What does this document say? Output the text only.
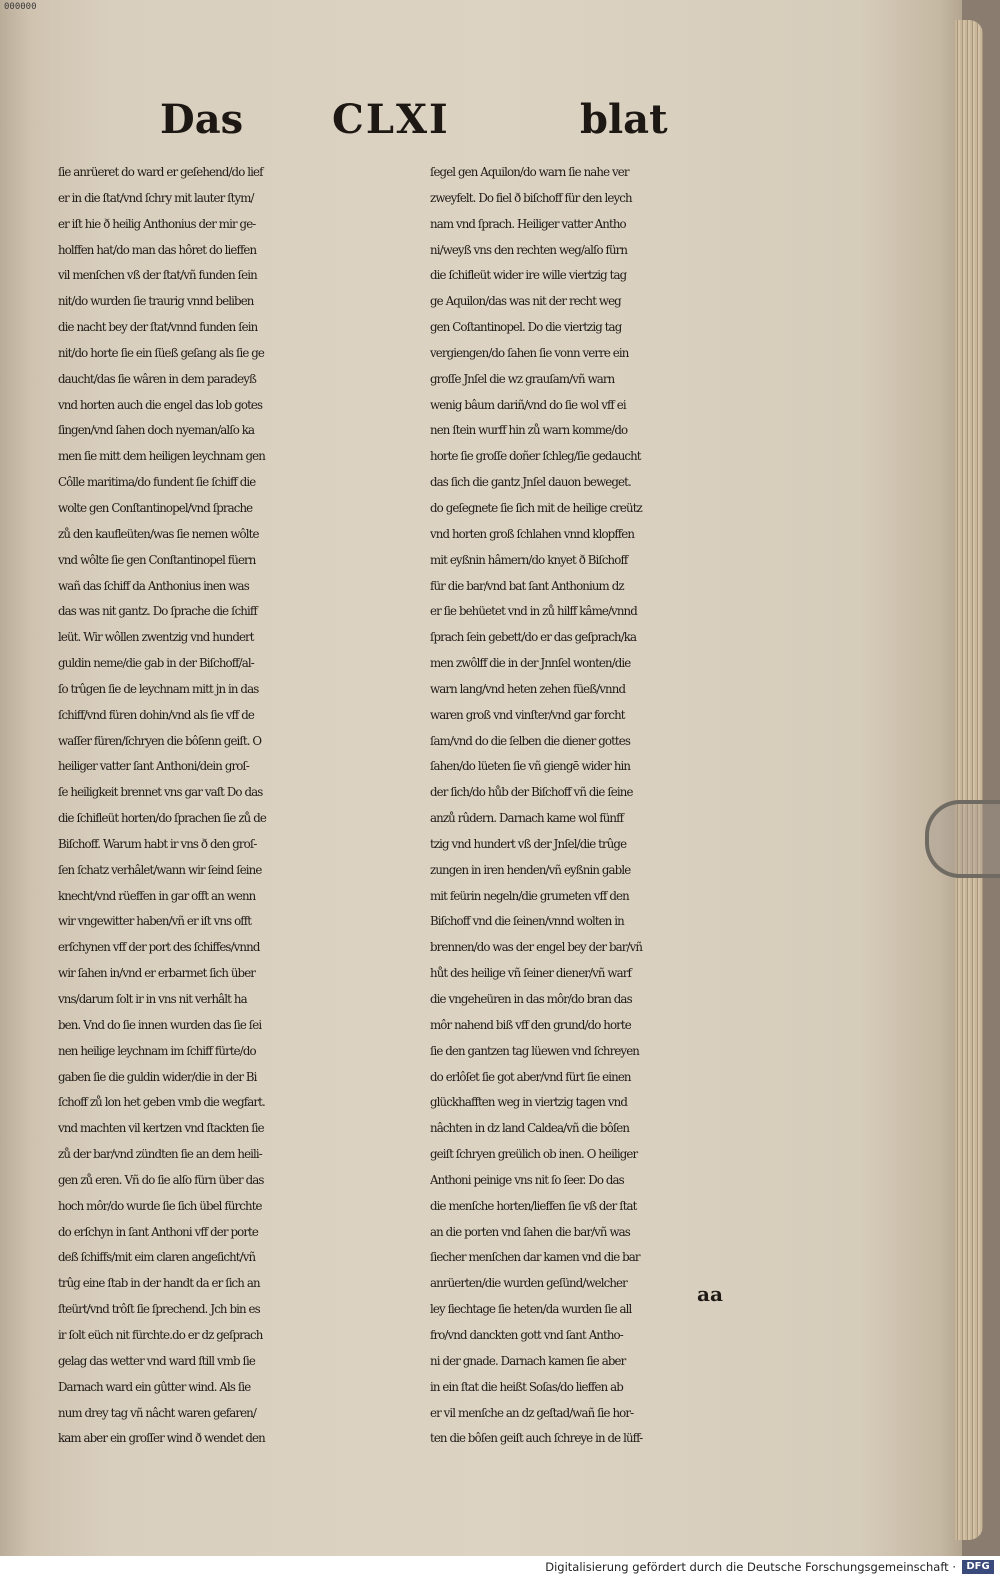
000000
Das CLXI	blat
ſie anrüeret do ward er geſehend/do lief
er in die ſtat/vnd ſchry mit lauter ſtym/
er iſt hie ð heilig Anthonius der mir ge-
holffen hat/do man das hôret do lieffen
vil menſchen vß der ſtat/vñ funden ſein
nit/do wurden ſie traurig vnnd beliben
die nacht bey der ſtat/vnnd funden ſein
nit/do horte ſie ein ſüeß geſang als ſie ge
daucht/das ſie wâren in dem paradeyß
vnd horten auch die engel das lob gotes
ſingen/vnd ſahen doch nyeman/alſo ka
men ſie mitt dem heiligen leychnam gen
Côlle maritima/do fundent ſie ſchiff die
wolte gen Conſtantinopel/vnd ſprache
zů den kaufleüten/was ſie nemen wôlte
vnd wôlte ſie gen Conſtantinopel füern
wañ das ſchiff da Anthonius inen was
das was nit gantz. Do ſprache die ſchiff
leüt. Wir wôllen zwentzig vnd hundert
guldin neme/die gab in der Biſchoff/al-
ſo trûgen ſie de leychnam mitt jn in das
ſchiff/vnd füren dohin/vnd als ſie vff de
waſſer füren/ſchryen die bôſenn geiſt. O
heiliger vatter ſant Anthoni/dein groſ-
ſe heiligkeit brennet vns gar vaſt Do das
die ſchifleüt horten/do ſprachen ſie zů de
Biſchoff. Warum habt ir vns ð den groſ-
ſen ſchatz verhâlet/wann wir ſeind ſeine
knecht/vnd rüeffen in gar offt an wenn
wir vngewitter haben/vñ er iſt vns offt
erſchynen vff der port des ſchiffes/vnnd
wir ſahen in/vnd er erbarmet ſich über
vns/darum ſolt ir in vns nit verhâlt ha
ben. Vnd do ſie innen wurden das ſie ſei
nen heilige leychnam im ſchiff fürte/do
gaben ſie die guldin wider/die in der Bi
ſchoff zů lon het geben vmb die wegfart.
vnd machten vil kertzen vnd ſtackten ſie
zů der bar/vnd zündten ſie an dem heili-
gen zů eren. Vñ do ſie alſo fürn über das
hoch môr/do wurde ſie ſich übel fürchte
do erſchyn in ſant Anthoni vff der porte
deß ſchiffs/mit eim claren angeſicht/vñ
trûg eine ſtab in der handt da er ſich an
ſteürt/vnd trôſt ſie ſprechend. Jch bin es
ir ſolt eüch nit fürchte.do er dz geſprach
gelag das wetter vnd ward ſtill vmb ſie
Darnach ward ein gûtter wind. Als ſie
num drey tag vñ nâcht waren gefaren/
kam aber ein groſſer wind ð wendet den
ſegel gen Aquilon/do warn ſie nahe ver
zweyfelt. Do fiel ð biſchoff für den leych
nam vnd ſprach. Heiliger vatter Antho
ni/weyß vns den rechten weg/alſo fürn
die ſchifleüt wider ire wille viertzig tag
ge Aquilon/das was nit der recht weg
gen Coſtantinopel. Do die viertzig tag
vergiengen/do ſahen ſie vonn verre ein
groſſe Jnſel die wz grauſam/vñ warn
wenig bâum dariñ/vnd do ſie wol vff ei
nen ſtein wurff hin zů warn komme/do
horte ſie groſſe doñer ſchleg/ſie gedaucht
das ſich die gantz Jnſel dauon beweget.
do geſegnete ſie ſich mit de heilige creütz
vnd horten groß ſchlahen vnnd klopffen
mit eyßnin hâmern/do knyet ð Biſchoff
für die bar/vnd bat ſant Anthonium dz
er ſie behüetet vnd in zů hilff kâme/vnnd
ſprach ſein gebett/do er das geſprach/ka
men zwôlff die in der Jnnſel wonten/die
warn lang/vnd heten zehen füeß/vnnd
waren groß vnd vinſter/vnd gar forcht
ſam/vnd do die ſelben die diener gottes
ſahen/do lüeten ſie vñ giengē wider hin
der ſich/do hůb der Biſchoff vñ die ſeine
anzů rûdern. Darnach kame wol fünff
tzig vnd hundert vß der Jnſel/die trûge
zungen in iren henden/vñ eyßnin gable
mit feürin negeln/die grumeten vff den
Biſchoff vnd die ſeinen/vnnd wolten in
brennen/do was der engel bey der bar/vñ
hůt des heilige vñ ſeiner diener/vñ warf
die vngeheüren in das môr/do bran das
môr nahend biß vff den grund/do horte
ſie den gantzen tag lüewen vnd ſchreyen
do erlôſet ſie got aber/vnd fürt ſie einen
glückhafften weg in viertzig tagen vnd
nâchten in dz land Caldea/vñ die bôſen
geiſt ſchryen greülich ob inen. O heiliger
Anthoni peinige vns nit ſo ſeer. Do das
die menſche horten/lieffen ſie vß der ſtat
an die porten vnd ſahen die bar/vñ was
ſiecher menſchen dar kamen vnd die bar
anrüerten/die wurden geſünd/welcher
ley ſiechtage ſie heten/da wurden ſie all
fro/vnd danckten gott vnd ſant Antho-
ni der gnade. Darnach kamen ſie aber
in ein ſtat die heißt Soſas/do lieffen ab
er vil menſche an dz geſtad/wañ ſie hor-
ten die bôſen geiſt auch ſchreye in de lüff-
aa
Digitalisierung gefördert durch die Deutsche Forschungsgemeinschaft ·	DFG
